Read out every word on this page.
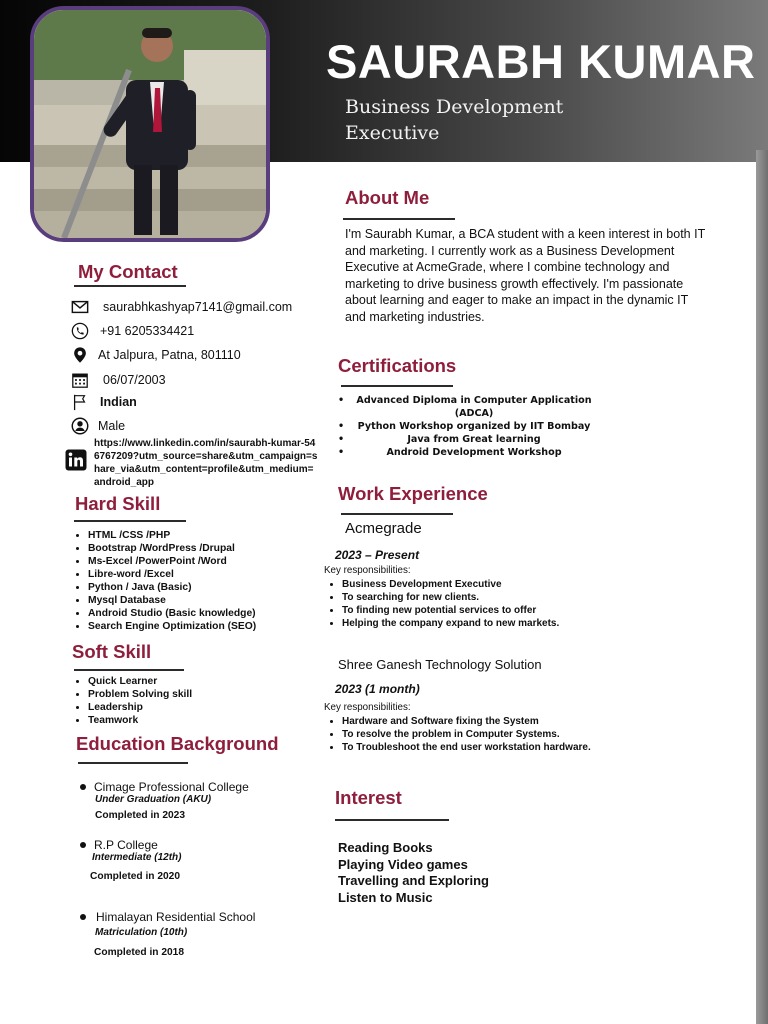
SAURABH KUMAR
Business Development
Executive
My Contact
saurabhkashyap7141@gmail.com
+91 6205334421
At Jalpura, Patna, 801110
06/07/2003
Indian
Male
https://www.linkedin.com/in/saurabh-kumar-546767209?utm_source=share&utm_campaign=share_via&utm_content=profile&utm_medium=android_app
Hard Skill
• HTML /CSS /PHP
• Bootstrap /WordPress /Drupal
• Ms-Excel /PowerPoint /Word
• Libre-word /Excel
• Python / Java (Basic)
• Mysql Database
• Android Studio (Basic knowledge)
• Search Engine Optimization (SEO)
Soft Skill
• Quick Learner
• Problem Solving skill
• Leadership
• Teamwork
Education Background
Cimage Professional College
Under Graduation (AKU)
Completed in 2023
R.P College
Intermediate (12th)
Completed in 2020
Himalayan Residential School
Matriculation (10th)
Completed in 2018
About Me
I'm Saurabh Kumar, a BCA student with a keen interest in both IT and marketing. I currently work as a Business Development Executive at AcmeGrade, where I combine technology and marketing to drive business growth effectively. I'm passionate about learning and eager to make an impact in the dynamic IT and marketing industries.
Certifications
• Advanced Diploma in Computer Application (ADCA)
• Python Workshop organized by IIT Bombay
• Java from Great learning
• Android Development Workshop
Work Experience
Acmegrade
2023 – Present
Key responsibilities:
• Business Development Executive
• To searching for new clients.
• To finding new potential services to offer
• Helping the company expand to new markets.
Shree Ganesh Technology Solution
2023 (1 month)
Key responsibilities:
• Hardware and Software fixing the System
• To resolve the problem in Computer Systems.
• To Troubleshoot the end user workstation hardware.
Interest
Reading Books
Playing Video games
Travelling and Exploring
Listen to Music
